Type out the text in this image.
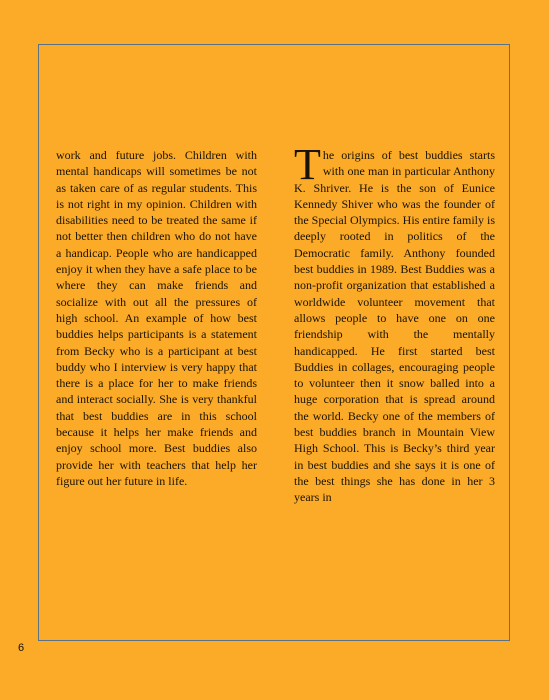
work and future jobs. Children with mental handicaps will sometimes be not as taken care of as regular students. This is not right in my opinion. Children with disabilities need to be treated the same if not better then children who do not have a handicap. People who are handicapped enjoy it when they have a safe place to be where they can make friends and socialize with out all the pressures of high school. An example of how best buddies helps participants is a statement from Becky who is a participant at best buddy who I interview is very happy that there is a place for her to make friends and interact socially. She is very thankful that best buddies are in this school because it helps her make friends and enjoy school more. Best buddies also provide her with teachers that help her figure out her future in life.
T he origins of best buddies starts with one man in particular Anthony K. Shriver. He is the son of Eunice Kennedy Shiver who was the founder of the Special Olympics. His entire family is deeply rooted in politics of the Democratic family. Anthony founded best buddies in 1989. Best Buddies was a non-profit organization that established a worldwide volunteer movement that allows people to have one on one friendship with the mentally handicapped. He first started best Buddies in collages, encouraging people to volunteer then it snow balled into a huge corporation that is spread around the world. Becky one of the members of best buddies branch in Mountain View High School. This is Becky’s third year in best buddies and she says it is one of the best things she has done in her 3 years in
6
